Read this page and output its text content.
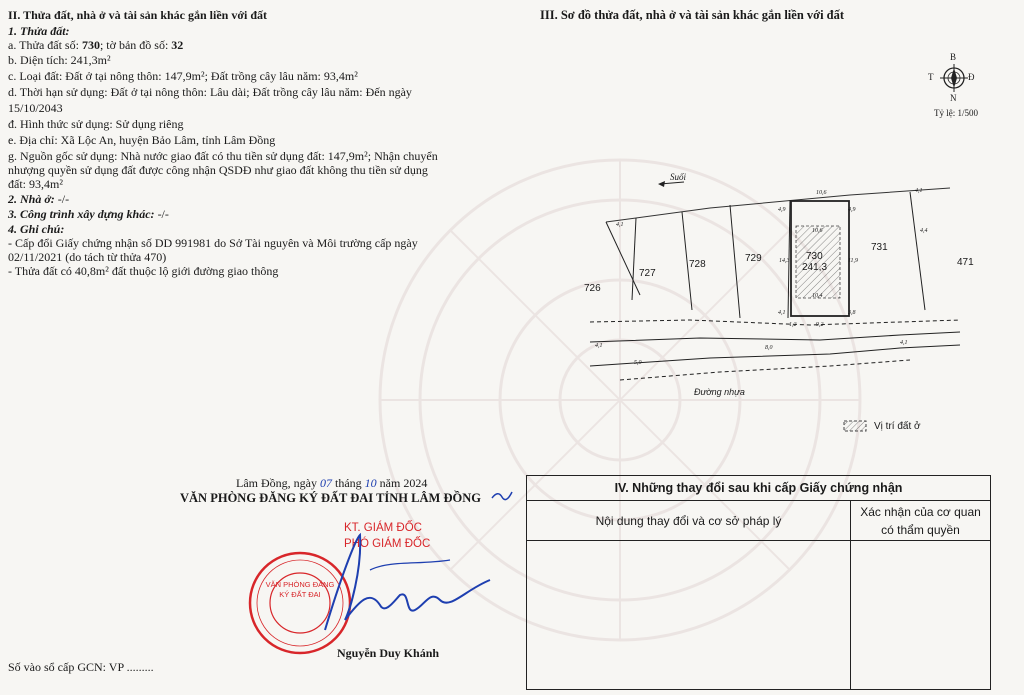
II. Thửa đất, nhà ở và tài sản khác gắn liền với đất
1. Thửa đất:
a. Thửa đất số: 730; tờ bản đồ số: 32
b. Diện tích: 241,3m²
c. Loại đất: Đất ở tại nông thôn: 147,9m²; Đất trồng cây lâu năm: 93,4m²
d. Thời hạn sử dụng: Đất ở tại nông thôn: Lâu dài; Đất trồng cây lâu năm: Đến ngày
15/10/2043
đ. Hình thức sử dụng: Sử dụng riêng
e. Địa chỉ: Xã Lộc An, huyện Bảo Lâm, tỉnh Lâm Đồng
g. Nguồn gốc sử dụng: Nhà nước giao đất có thu tiền sử dụng đất: 147,9m²; Nhận chuyển
nhượng quyền sử dụng đất được công nhận QSDĐ như giao đất không thu tiền sử dụng
đất: 93,4m²
2. Nhà ở: -/-
3. Công trình xây dựng khác: -/-
4. Ghi chú:
- Cấp đổi Giấy chứng nhận số DD 991981 do Sở Tài nguyên và Môi trường cấp ngày
02/11/2021 (do tách từ thửa 470)
- Thửa đất có 40,8m² đất thuộc lộ giới đường giao thông
Lâm Đồng, ngày 07 tháng 10 năm 2024
VĂN PHÒNG ĐĂNG KÝ ĐẤT ĐAI TỈNH LÂM ĐỒNG
KT. GIÁM ĐỐC
PHÓ GIÁM ĐỐC
VĂN PHÒNG ĐĂNG KÝ ĐẤT ĐAI
Nguyễn Duy Khánh
Số vào sổ cấp GCN: VP .........
III. Sơ đồ thửa đất, nhà ở và tài sản khác gắn liền với đất
B
N
T	Đ
Tỷ lệ: 1/500
Suối
Đường nhựa
726
727
728
729	730
241,3
731
471
10,6
10,6
10,4
14,3	11,9
1,2	9,2
4,9	4,9
4,1	3,8
4,1
4,1
4,1	4,1
5,0
8,0
4,4
Vị trí đất ở
IV. Những thay đổi sau khi cấp Giấy chứng nhận	
Nội dung thay đổi và cơ sở pháp lý	Xác nhận của cơ quan
có thẩm quyền
